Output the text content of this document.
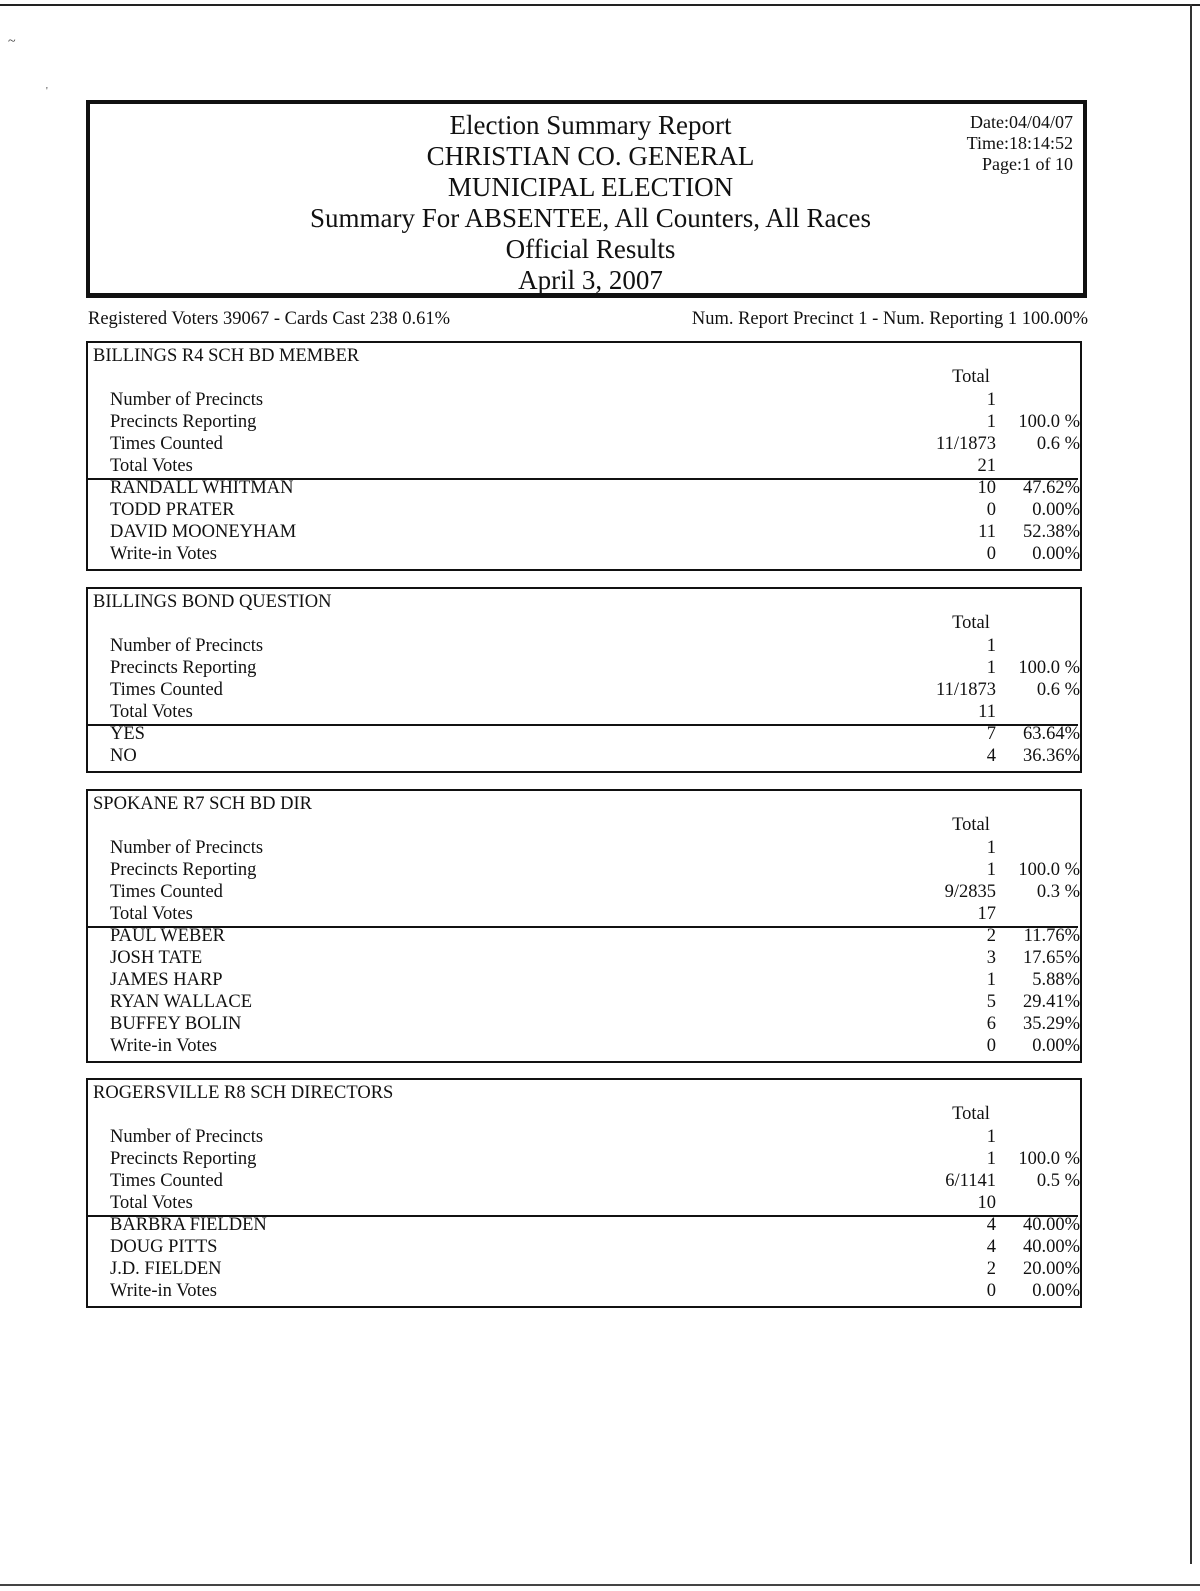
~
'
Election Summary Report
CHRISTIAN CO. GENERAL
MUNICIPAL ELECTION
Summary For ABSENTEE, All Counters, All Races
Official Results
April 3, 2007
Date:04/04/07
Time:18:14:52
Page:1 of 10
Registered Voters 39067 - Cards Cast 238 0.61%	Num. Report Precinct 1 - Num. Reporting 1 100.00%
BILLINGS R4 SCH BD MEMBER
Total
Number of Precincts	1
Precincts Reporting	1 100.0 %
Times Counted	11/1873 0.6 %
Total Votes	21
RANDALL WHITMAN	10 47.62%
TODD PRATER	0 0.00%
DAVID MOONEYHAM	11 52.38%
Write-in Votes	0 0.00%
BILLINGS BOND QUESTION
Total
Number of Precincts	1
Precincts Reporting	1 100.0 %
Times Counted	11/1873 0.6 %
Total Votes	11
YES	7 63.64%
NO	4 36.36%
SPOKANE R7 SCH BD DIR
Total
Number of Precincts	1
Precincts Reporting	1 100.0 %
Times Counted	9/2835 0.3 %
Total Votes	17
PAUL WEBER	2 11.76%
JOSH TATE	3 17.65%
JAMES HARP	1 5.88%
RYAN WALLACE	5 29.41%
BUFFEY BOLIN	6 35.29%
Write-in Votes	0 0.00%
ROGERSVILLE R8 SCH DIRECTORS
Total
Number of Precincts	1
Precincts Reporting	1 100.0 %
Times Counted	6/1141 0.5 %
Total Votes	10
BARBRA FIELDEN	4 40.00%
DOUG PITTS	4 40.00%
J.D. FIELDEN	2 20.00%
Write-in Votes	0 0.00%
